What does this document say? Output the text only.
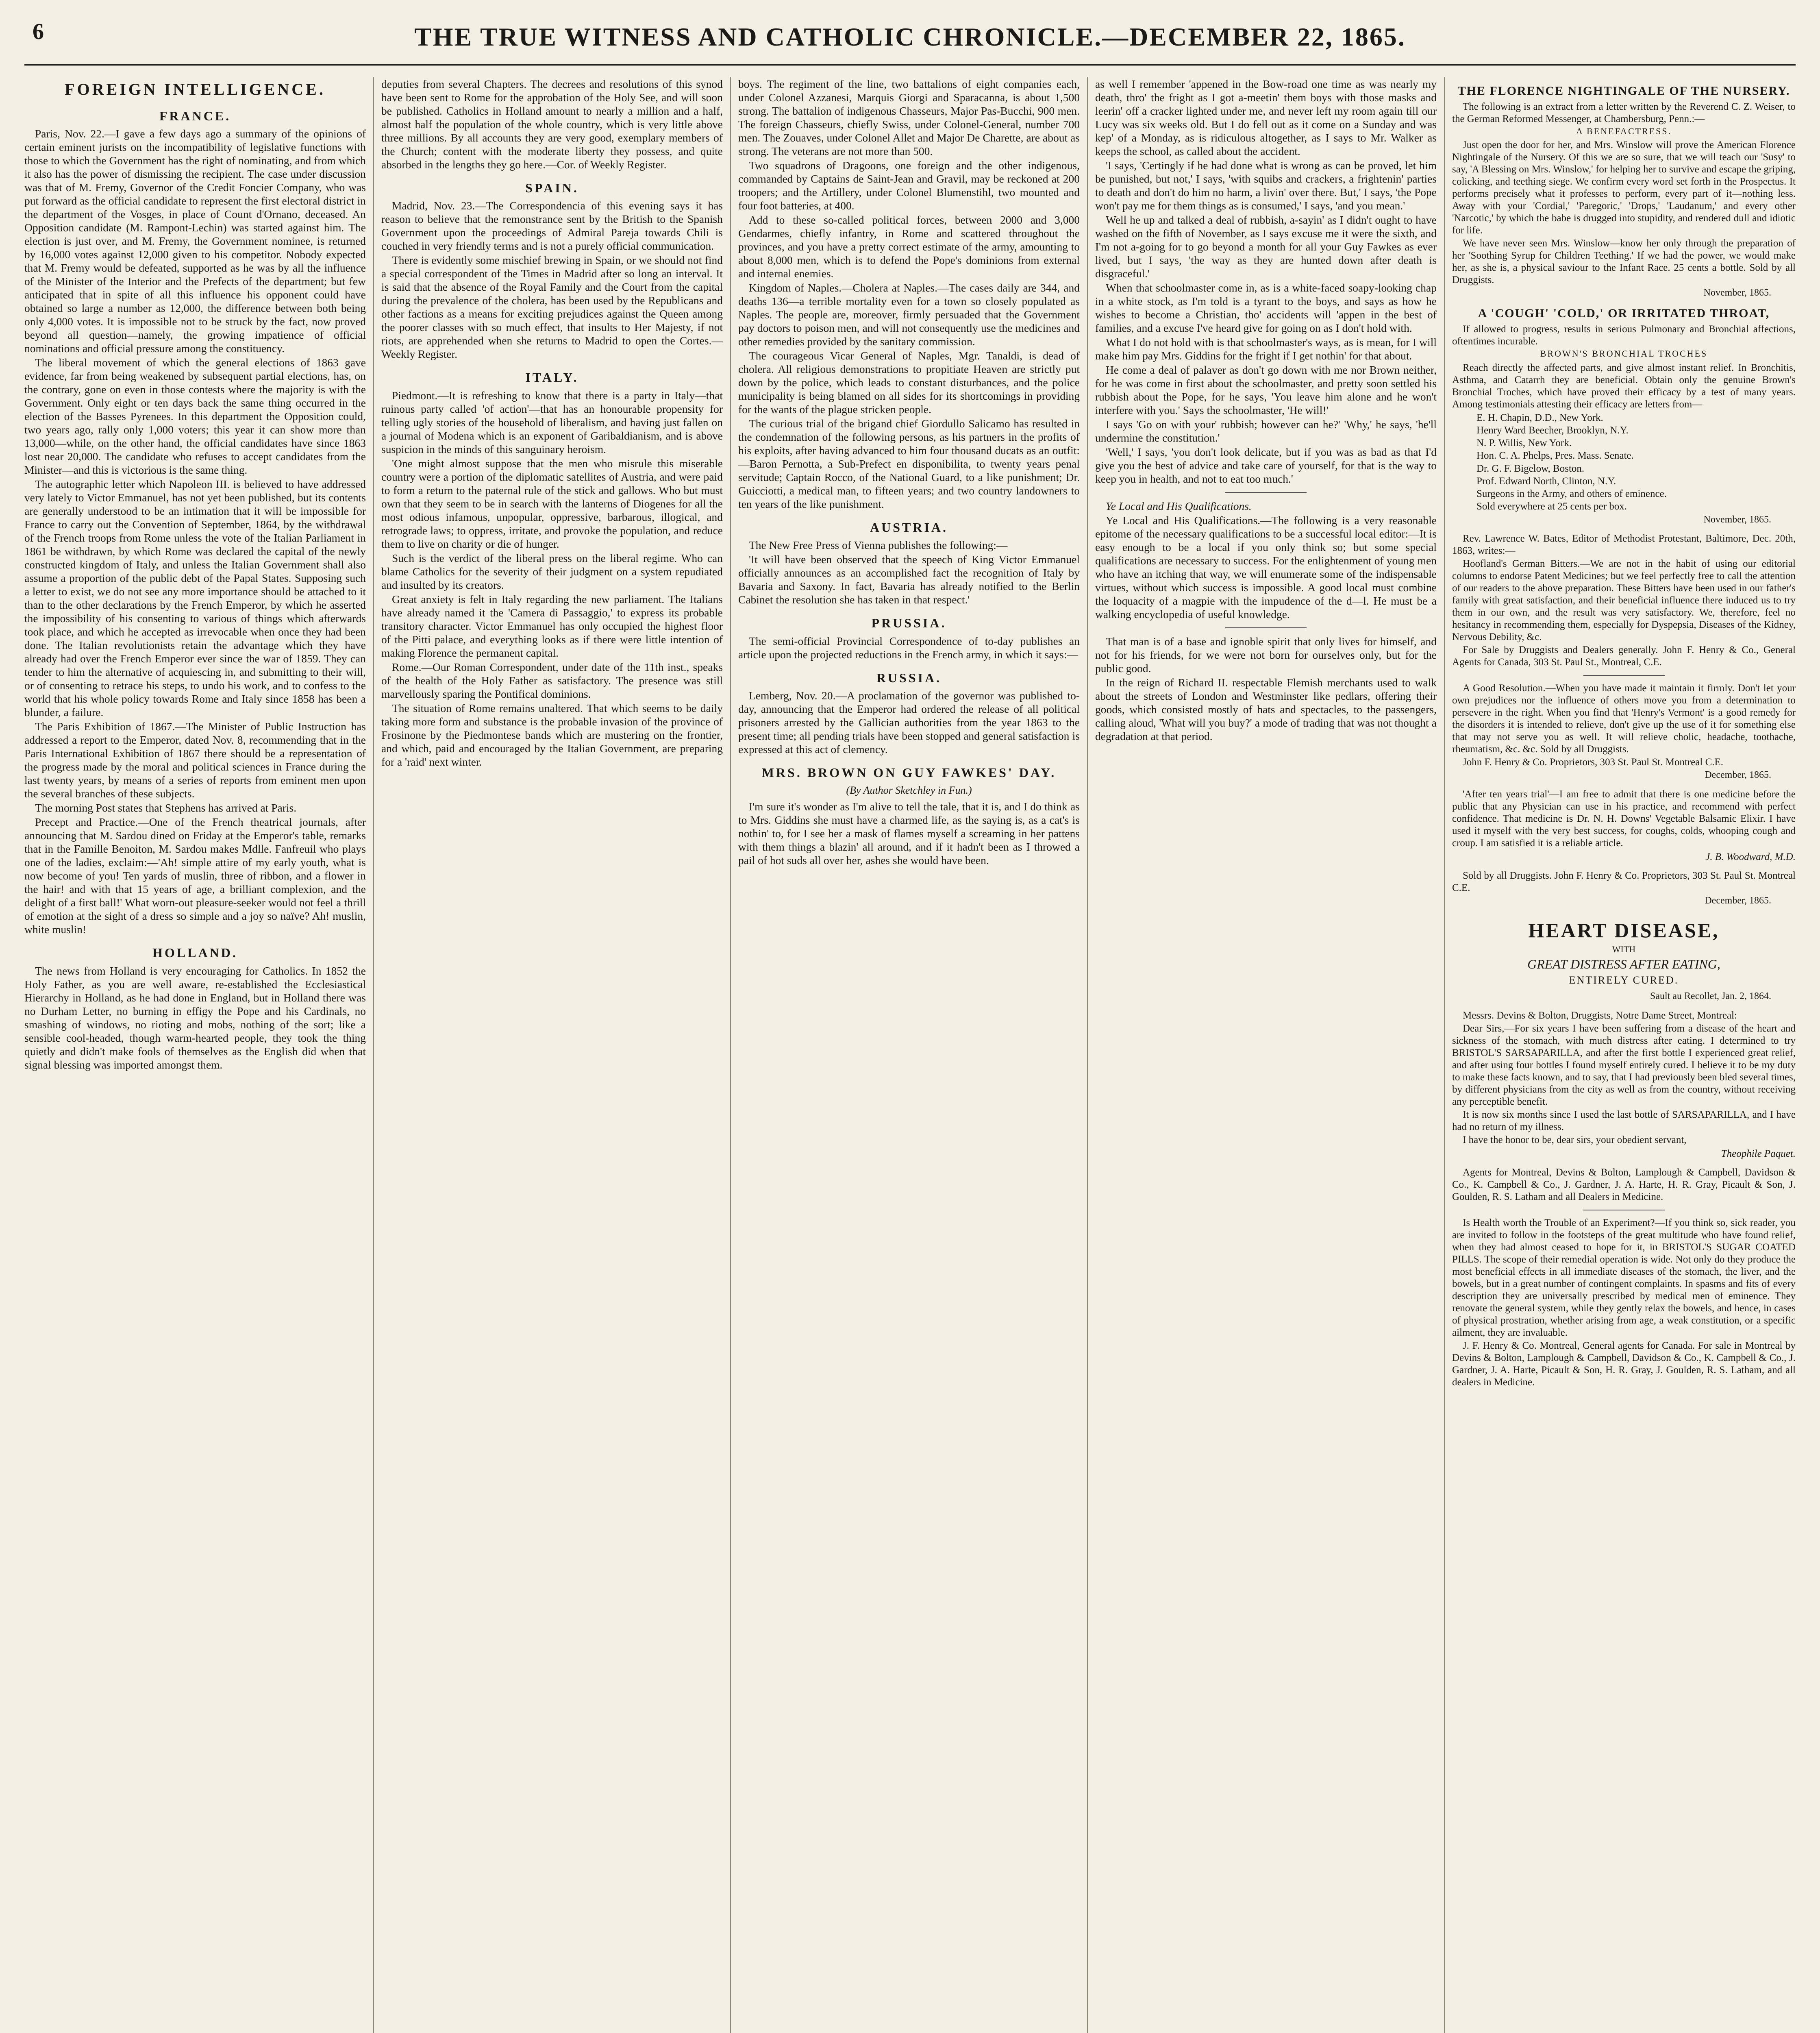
6	THE TRUE WITNESS AND CATHOLIC CHRONICLE.—DECEMBER 22, 1865.
FOREIGN INTELLIGENCE.
FRANCE.

Paris, Nov. 22.—I gave a few days ago a summary of the opinions of certain eminent jurists on the incompatibility of legislative functions with those to which the Government has the right of nominating, and from which it also has the power of dismissing the recipient. The case under discussion was that of M. Fremy, Governor of the Credit Foncier Company, who was put forward as the official candidate to represent the first electoral district in the department of the Vosges, in place of Count d'Ornano, deceased. An Opposition candidate (M. Rampont-Lechin) was started against him. The election is just over, and M. Fremy, the Government nominee, is returned by 16,000 votes against 12,000 given to his competitor. Nobody expected that M. Fremy would be defeated, supported as he was by all the influence of the Minister of the Interior and the Prefects of the department; but few anticipated that in spite of all this influence his opponent could have obtained so large a number as 12,000, the difference between both being only 4,000 votes. It is impossible not to be struck by the fact, now proved beyond all question—namely, the growing impatience of official nominations and official pressure among the constituency.

The liberal movement of which the general elections of 1863 gave evidence, far from being weakened by subsequent partial elections, has, on the contrary, gone on even in those contests where the majority is with the Government. Only eight or ten days back the same thing occurred in the election of the Basses Pyrenees. In this department the Opposition could, two years ago, rally only 1,000 voters; this year it can show more than 13,000—while, on the other hand, the official candidates have since 1863 lost near 20,000. The candidate who refuses to accept candidates from the Minister—and this is victorious is the same thing.

The autographic letter which Napoleon III. is believed to have addressed very lately to Victor Emmanuel, has not yet been published, but its contents are generally understood to be an intimation that it will be impossible for France to carry out the Convention of September, 1864, by the withdrawal of the French troops from Rome unless the vote of the Italian Parliament in 1861 be withdrawn, by which Rome was declared the capital of the newly constructed kingdom of Italy, and unless the Italian Government shall also assume a proportion of the public debt of the Papal States. Supposing such a letter to exist, we do not see any more importance should be attached to it than to the other declarations by the French Emperor, by which he asserted the impossibility of his consenting to various of things which afterwards took place, and which he accepted as irrevocable when once they had been done. The Italian revolutionists retain the advantage which they have already had over the French Emperor ever since the war of 1859. They can tender to him the alternative of acquiescing in, and submitting to their will, or of consenting to retrace his steps, to undo his work, and to confess to the world that his whole policy towards Rome and Italy since 1858 has been a blunder, a failure.

The Paris Exhibition of 1867.—The Minister of Public Instruction has addressed a report to the Emperor, dated Nov. 8, recommending that in the Paris International Exhibition of 1867 there should be a representation of the progress made by the moral and political sciences in France during the last twenty years, by means of a series of reports from eminent men upon the several branches of these subjects.

The morning Post states that Stephens has arrived at Paris.

Precept and Practice.—One of the French theatrical journals, after announcing that M. Sardou dined on Friday at the Emperor's table, remarks that in the Famille Benoiton, M. Sardou makes Mdlle. Fanfreuil who plays one of the ladies, exclaim:—'Ah! simple attire of my early youth, what is now become of you! Ten yards of muslin, three of ribbon, and a flower in the hair! and with that 15 years of age, a brilliant complexion, and the delight of a first ball!' What worn-out pleasure-seeker would not feel a thrill of emotion at the sight of a dress so simple and a joy so naïve? Ah! muslin, white muslin!

HOLLAND.

The news from Holland is very encouraging for Catholics. In 1852 the Holy Father, as you are well aware, re-established the Ecclesiastical Hierarchy in Holland, as he had done in England, but in Holland there was no Durham Letter, no burning in effigy the Pope and his Cardinals, no smashing of windows, no rioting and mobs, nothing of the sort; like a sensible cool-headed, though warm-hearted people, they took the thing quietly and didn't make fools of themselves as the English did when that signal blessing was imported amongst them.

deputies from several Chapters. The decrees and resolutions of this synod have been sent to Rome for the approbation of the Holy See, and will soon be published. Catholics in Holland amount to nearly a million and a half, almost half the population of the whole country, which is very little above three millions. By all accounts they are very good, exemplary members of the Church; content with the moderate liberty they possess, and quite absorbed in the lengths they go here.—Cor. of Weekly Register.

SPAIN.

Madrid, Nov. 23.—The Correspondencia of this evening says it has reason to believe that the remonstrance sent by the British to the Spanish Government upon the proceedings of Admiral Pareja towards Chili is couched in very friendly terms and is not a purely official communication.

There is evidently some mischief brewing in Spain, or we should not find a special correspondent of the Times in Madrid after so long an interval. It is said that the absence of the Royal Family and the Court from the capital during the prevalence of the cholera, has been used by the Republicans and other factions as a means for exciting prejudices against the Queen among the poorer classes with so much effect, that insults to Her Majesty, if not riots, are apprehended when she returns to Madrid to open the Cortes.—Weekly Register.

ITALY.

Piedmont.—It is refreshing to know that there is a party in Italy—that ruinous party called 'of action'—that has an honourable propensity for telling ugly stories of the household of liberalism, and having just fallen on a journal of Modena which is an exponent of Garibaldianism, and is above suspicion in the minds of this sanguinary heroism.

'One might almost suppose that the men who misrule this miserable country were a portion of the diplomatic satellites of Austria, and were paid to form a return to the paternal rule of the stick and gallows. Who but must own that they seem to be in search with the lanterns of Diogenes for all the most odious infamous, unpopular, oppressive, barbarous, illogical, and retrograde laws; to oppress, irritate, and provoke the population, and reduce them to live on charity or die of hunger.

Such is the verdict of the liberal press on the liberal regime. Who can blame Catholics for the severity of their judgment on a system repudiated and insulted by its creators.

Great anxiety is felt in Italy regarding the new parliament. The Italians have already named it the 'Camera di Passaggio,' to express its probable transitory character. Victor Emmanuel has only occupied the highest floor of the Pitti palace, and everything looks as if there were little intention of making Florence the permanent capital.

Rome.—Our Roman Correspondent, under date of the 11th inst., speaks of the health of the Holy Father as satisfactory. The presence was still marvellously sparing the Pontifical dominions.

The situation of Rome remains unaltered. That which seems to be daily taking more form and substance is the probable invasion of the province of Frosinone by the Piedmontese bands which are mustering on the frontier, and which, paid and encouraged by the Italian Government, are preparing for a 'raid' next winter.

boys. The regiment of the line, two battalions of eight companies each, under Colonel Azzanesi, Marquis Giorgi and Sparacanna, is about 1,500 strong. The battalion of indigenous Chasseurs, Major Pas-Bucchi, 900 men. The foreign Chasseurs, chiefly Swiss, under Colonel-General, number 700 men. The Zouaves, under Colonel Allet and Major De Charette, are about as strong. The veterans are not more than 500.

Two squadrons of Dragoons, one foreign and the other indigenous, commanded by Captains de Saint-Jean and Gravil, may be reckoned at 200 troopers; and the Artillery, under Colonel Blumenstihl, two mounted and four foot batteries, at 400.

Add to these so-called political forces, between 2000 and 3,000 Gendarmes, chiefly infantry, in Rome and scattered throughout the provinces, and you have a pretty correct estimate of the army, amounting to about 8,000 men, which is to defend the Pope's dominions from external and internal enemies.

Kingdom of Naples.—Cholera at Naples.—The cases daily are 344, and deaths 136—a terrible mortality even for a town so closely populated as Naples. The people are, moreover, firmly persuaded that the Government pay doctors to poison men, and will not consequently use the medicines and other remedies provided by the sanitary commission.

The courageous Vicar General of Naples, Mgr. Tanaldi, is dead of cholera. All religious demonstrations to propitiate Heaven are strictly put down by the police, which leads to constant disturbances, and the police municipality is being blamed on all sides for its shortcomings in providing for the wants of the plague stricken people.

The curious trial of the brigand chief Giordullo Salicamo has resulted in the condemnation of the following persons, as his partners in the profits of his exploits, after having advanced to him four thousand ducats as an outfit:—Baron Pernotta, a Sub-Prefect en disponibilita, to twenty years penal servitude; Captain Rocco, of the National Guard, to a like punishment; Dr. Guicciotti, a medical man, to fifteen years; and two country landowners to ten years of the like punishment.

AUSTRIA.

The New Free Press of Vienna publishes the following:—

'It will have been observed that the speech of King Victor Emmanuel officially announces as an accomplished fact the recognition of Italy by Bavaria and Saxony. In fact, Bavaria has already notified to the Berlin Cabinet the resolution she has taken in that respect.'

PRUSSIA.

The semi-official Provincial Correspondence of to-day publishes an article upon the projected reductions in the French army, in which it says:—

RUSSIA.

Lemberg, Nov. 20.—A proclamation of the governor was published to-day, announcing that the Emperor had ordered the release of all political prisoners arrested by the Gallician authorities from the year 1863 to the present time; all pending trials have been stopped and general satisfaction is expressed at this act of clemency.

MRS. BROWN ON GUY FAWKES' DAY.
(By Author Sketchley in Fun.)

I'm sure it's wonder as I'm alive to tell the tale, that it is, and I do think as to Mrs. Giddins she must have a charmed life, as the saying is, as a cat's is nothin' to, for I see her a mask of flames myself a screaming in her pattens with them things a blazin' all around, and if it hadn't been as I throwed a pail of hot suds all over her, ashes she would have been.

as well I remember 'appened in the Bow-road one time as was nearly my death, thro' the fright as I got a-meetin' them boys with those masks and leerin' off a cracker lighted under me, and never left my room again till our Lucy was six weeks old. But I do fell out as it come on a Sunday and was kep' of a Monday, as is ridiculous altogether, as I says to Mr. Walker as keeps the school, as called about the accident.

'I says, 'Certingly if he had done what is wrong as can be proved, let him be punished, but not,' I says, 'with squibs and crackers, a frightenin' parties to death and don't do him no harm, a livin' over there. But,' I says, 'the Pope won't pay me for them things as is consumed,' I says, 'and you mean.'

Well he up and talked a deal of rubbish, a-sayin' as I didn't ought to have washed on the fifth of November, as I says excuse me it were the sixth, and I'm not a-going for to go beyond a month for all your Guy Fawkes as ever lived, but I says, 'the way as they are hunted down after death is disgraceful.'

When that schoolmaster come in, as is a white-faced soapy-looking chap in a white stock, as I'm told is a tyrant to the boys, and says as how he wishes to become a Christian, tho' accidents will 'appen in the best of families, and a excuse I've heard give for going on as I don't hold with.

What I do not hold with is that schoolmaster's ways, as is mean, for I will make him pay Mrs. Giddins for the fright if I get nothin' for that about.

He come a deal of palaver as don't go down with me nor Brown neither, for he was come in first about the schoolmaster, and pretty soon settled his rubbish about the Pope, for he says, 'You leave him alone and he won't interfere with you.' Says the schoolmaster, 'He will!'

I says 'Go on with your' rubbish; however can he?' 'Why,' he says, 'he'll undermine the constitution.'

'Well,' I says, 'you don't look delicate, but if you was as bad as that I'd give you the best of advice and take care of yourself, for that is the way to keep you in health, and not to eat too much.'

Ye Local and His Qualifications.

Ye Local and His Qualifications.—The following is a very reasonable epitome of the necessary qualifications to be a successful local editor:—It is easy enough to be a local if you only think so; but some special qualifications are necessary to success. For the enlightenment of young men who have an itching that way, we will enumerate some of the indispensable virtues, without which success is impossible. A good local must combine the loquacity of a magpie with the impudence of the d—l. He must be a walking encyclopedia of useful knowledge.

That man is of a base and ignoble spirit that only lives for himself, and not for his friends, for we were not born for ourselves only, but for the public good.

In the reign of Richard II. respectable Flemish merchants used to walk about the streets of London and Westminster like pedlars, offering their goods, which consisted mostly of hats and spectacles, to the passengers, calling aloud, 'What will you buy?' a mode of trading that was not thought a degradation at that period.

THE FLORENCE NIGHTINGALE OF THE NURSERY.

The following is an extract from a letter written by the Reverend C. Z. Weiser, to the German Reformed Messenger, at Chambersburg, Penn.:—

A BENEFACTRESS.

Just open the door for her, and Mrs. Winslow will prove the American Florence Nightingale of the Nursery. Of this we are so sure, that we will teach our 'Susy' to say, 'A Blessing on Mrs. Winslow,' for helping her to survive and escape the griping, colicking, and teething siege. We confirm every word set forth in the Prospectus. It performs precisely what it professes to perform, every part of it—nothing less. Away with your 'Cordial,' 'Paregoric,' 'Drops,' 'Laudanum,' and every other 'Narcotic,' by which the babe is drugged into stupidity, and rendered dull and idiotic for life.

We have never seen Mrs. Winslow—know her only through the preparation of her 'Soothing Syrup for Children Teething.' If we had the power, we would make her, as she is, a physical saviour to the Infant Race. 25 cents a bottle. Sold by all Druggists.

November, 1865.
A 'COUGH' 'COLD,' OR IRRITATED THROAT,

If allowed to progress, results in serious Pulmonary and Bronchial affections, oftentimes incurable.

BROWN'S BRONCHIAL TROCHES

Reach directly the affected parts, and give almost instant relief. In Bronchitis, Asthma, and Catarrh they are beneficial. Obtain only the genuine Brown's Bronchial Troches, which have proved their efficacy by a test of many years. Among testimonials attesting their efficacy are letters from—

E. H. Chapin, D.D., New York.
Henry Ward Beecher, Brooklyn, N.Y.
N. P. Willis, New York.
Hon. C. A. Phelps, Pres. Mass. Senate.
Dr. G. F. Bigelow, Boston.
Prof. Edward North, Clinton, N.Y.
Surgeons in the Army, and others of eminence.
Sold everywhere at 25 cents per box.
November, 1865.

Rev. Lawrence W. Bates, Editor of Methodist Protestant, Baltimore, Dec. 20th, 1863, writes:—

Hoofland's German Bitters.—We are not in the habit of using our editorial columns to endorse Patent Medicines; but we feel perfectly free to call the attention of our readers to the above preparation. These Bitters have been used in our father's family with great satisfaction, and their beneficial influence there induced us to try them in our own, and the result was very satisfactory. We, therefore, feel no hesitancy in recommending them, especially for Dyspepsia, Diseases of the Kidney, Nervous Debility, &c.

For Sale by Druggists and Dealers generally. John F. Henry & Co., General Agents for Canada, 303 St. Paul St., Montreal, C.E.

A Good Resolution.—When you have made it maintain it firmly. Don't let your own prejudices nor the influence of others move you from a determination to persevere in the right. When you find that 'Henry's Vermont' is a good remedy for the disorders it is intended to relieve, don't give up the use of it for something else that may not serve you as well. It will relieve cholic, headache, toothache, rheumatism, &c. &c. Sold by all Druggists.

John F. Henry & Co. Proprietors, 303 St. Paul St. Montreal C.E.

December, 1865.

'After ten years trial'—I am free to admit that there is one medicine before the public that any Physician can use in his practice, and recommend with perfect confidence. That medicine is Dr. N. H. Downs' Vegetable Balsamic Elixir. I have used it myself with the very best success, for coughs, colds, whooping cough and croup. I am satisfied it is a reliable article.

J. B. Woodward, M.D.

Sold by all Druggists. John F. Henry & Co. Proprietors, 303 St. Paul St. Montreal C.E.

December, 1865.
HEART DISEASE,
WITH
GREAT DISTRESS AFTER EATING,
ENTIRELY CURED.
Sault au Recollet, Jan. 2, 1864.

Messrs. Devins & Bolton, Druggists, Notre Dame Street, Montreal:

Dear Sirs,—For six years I have been suffering from a disease of the heart and sickness of the stomach, with much distress after eating. I determined to try BRISTOL'S SARSAPARILLA, and after the first bottle I experienced great relief, and after using four bottles I found myself entirely cured. I believe it to be my duty to make these facts known, and to say, that I had previously been bled several times, by different physicians from the city as well as from the country, without receiving any perceptible benefit.

It is now six months since I used the last bottle of SARSAPARILLA, and I have had no return of my illness.

I have the honor to be, dear sirs, your obedient servant,

Theophile Paquet.

Agents for Montreal, Devins & Bolton, Lamplough & Campbell, Davidson & Co., K. Campbell & Co., J. Gardner, J. A. Harte, H. R. Gray, Picault & Son, J. Goulden, R. S. Latham and all Dealers in Medicine.

Is Health worth the Trouble of an Experiment?—If you think so, sick reader, you are invited to follow in the footsteps of the great multitude who have found relief, when they had almost ceased to hope for it, in BRISTOL'S SUGAR COATED PILLS. The scope of their remedial operation is wide. Not only do they produce the most beneficial effects in all immediate diseases of the stomach, the liver, and the bowels, but in a great number of contingent complaints. In spasms and fits of every description they are universally prescribed by medical men of eminence. They renovate the general system, while they gently relax the bowels, and hence, in cases of physical prostration, whether arising from age, a weak constitution, or a specific ailment, they are invaluable.

J. F. Henry & Co. Montreal, General agents for Canada. For sale in Montreal by Devins & Bolton, Lamplough & Campbell, Davidson & Co., K. Campbell & Co., J. Gardner, J. A. Harte, Picault & Son, H. R. Gray, J. Goulden, R. S. Latham, and all dealers in Medicine.
